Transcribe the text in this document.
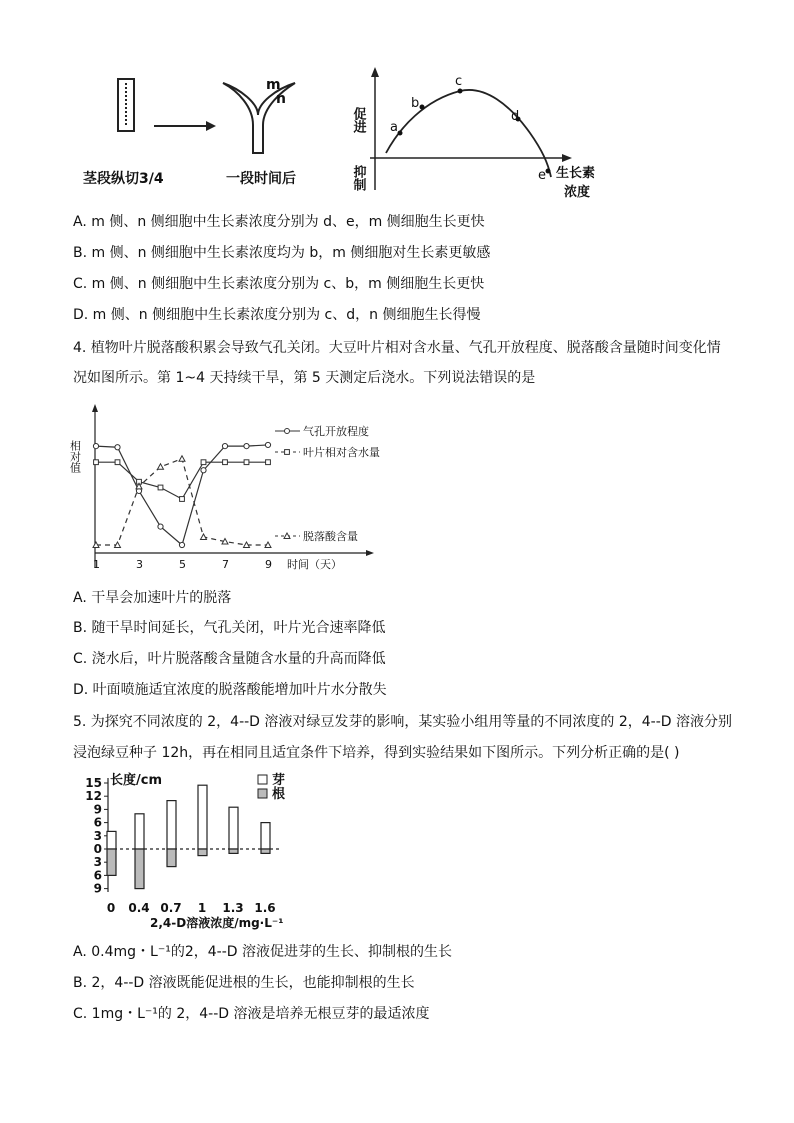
m
n
茎段纵切3/4	一段时间后
促进
抑制	生长素
浓度
a
b
c
d
e
A. m 侧、n 侧细胞中生长素浓度分别为 d、e，m 侧细胞生长更快
B. m 侧、n 侧细胞中生长素浓度均为 b，m 侧细胞对生长素更敏感
C. m 侧、n 侧细胞中生长素浓度分别为 c、b，m 侧细胞生长更快
D. m 侧、n 侧细胞中生长素浓度分别为 c、d，n 侧细胞生长得慢
4. 植物叶片脱落酸积累会导致气孔关闭。大豆叶片相对含水量、气孔开放程度、脱落酸含量随时间变化情
况如图所示。第 1~4 天持续干旱，第 5 天测定后浇水。下列说法错误的是
相对值
时间（天）
1	3	5	7	9
气孔开放程度
叶片相对含水量
脱落酸含量
A. 干旱会加速叶片的脱落
B. 随干旱时间延长，气孔关闭，叶片光合速率降低
C. 浇水后，叶片脱落酸含量随含水量的升高而降低
D. 叶面喷施适宜浓度的脱落酸能增加叶片水分散失
5. 为探究不同浓度的 2，4--D 溶液对绿豆发芽的影响，某实验小组用等量的不同浓度的 2，4--D 溶液分别
浸泡绿豆种子 12h，再在相同且适宜条件下培养，得到实验结果如下图所示。下列分析正确的是( )
长度/cm
15
12
9
6
3
0
3
6
9
0 0.4 0.7 1 1.3 1.6
2,4-D溶液浓度/mg·L⁻¹
芽
根
A. 0.4mg・L⁻¹的2，4--D 溶液促进芽的生长、抑制根的生长
B. 2，4--D 溶液既能促进根的生长，也能抑制根的生长
C. 1mg・L⁻¹的 2，4--D 溶液是培养无根豆芽的最适浓度
